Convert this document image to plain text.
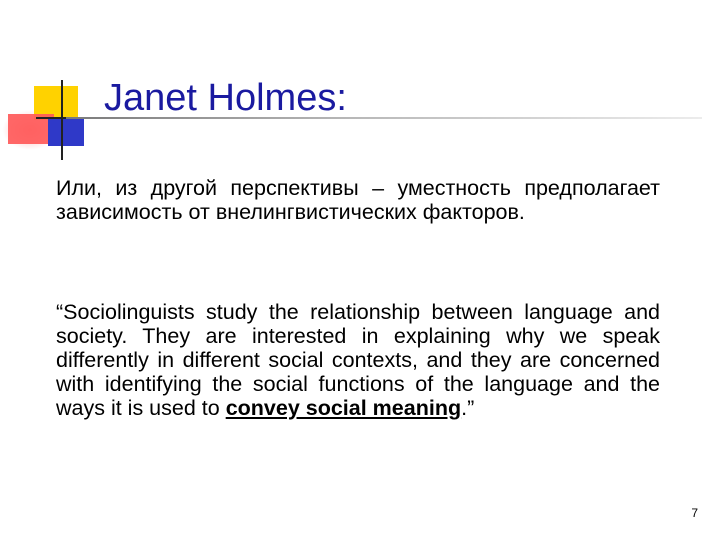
Janet Holmes:

Или, из другой перспективы – уместность предполагает зависимость от внелингвистических факторов.

“Sociolinguists study the relationship between language and society. They are interested in explaining why we speak differently in different social contexts, and they are concerned with identifying the social functions of the language and the ways it is used to convey social meaning.”

7
